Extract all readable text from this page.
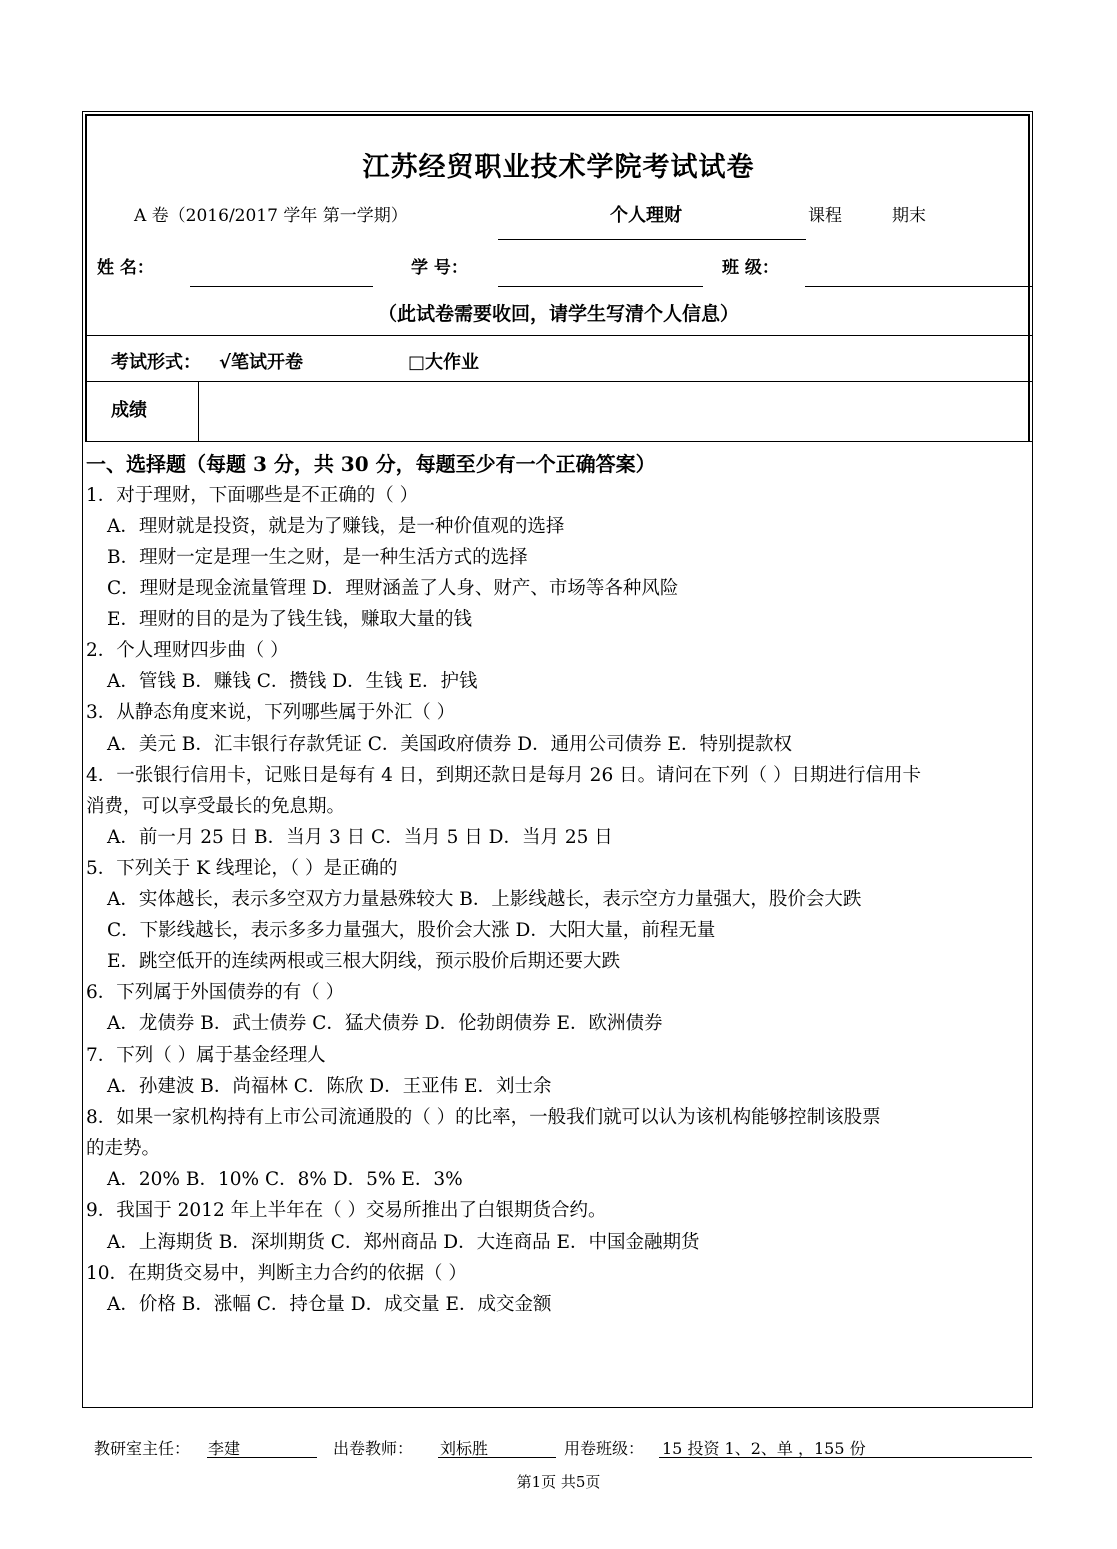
江苏经贸职业技术学院考试试卷
A 卷（2016/2017 学年 第一学期）	个人理财	课程	期末
姓 名：	学 号：	班 级：
（此试卷需要收回，请学生写清个人信息）
考试形式： √笔试开卷	□大作业
成绩
一、选择题（每题 3 分，共 30 分，每题至少有一个正确答案）
1．对于理财，下面哪些是不正确的（ ）
A．理财就是投资，就是为了赚钱，是一种价值观的选择
B．理财一定是理一生之财，是一种生活方式的选择
C．理财是现金流量管理 D．理财涵盖了人身、财产、市场等各种风险
E．理财的目的是为了钱生钱，赚取大量的钱
2．个人理财四步曲（ ）
A．管钱 B．赚钱 C．攒钱 D．生钱 E．护钱
3．从静态角度来说，下列哪些属于外汇（ ）
A．美元 B．汇丰银行存款凭证 C．美国政府债券 D．通用公司债券 E．特别提款权
4．一张银行信用卡，记账日是每有 4 日，到期还款日是每月 26 日。请问在下列（ ）日期进行信用卡
消费，可以享受最长的免息期。
A．前一月 25 日 B．当月 3 日 C．当月 5 日 D．当月 25 日
5．下列关于 K 线理论，（ ）是正确的
A．实体越长，表示多空双方力量悬殊较大 B．上影线越长，表示空方力量强大，股价会大跌
C．下影线越长，表示多多力量强大，股价会大涨 D．大阳大量，前程无量
E．跳空低开的连续两根或三根大阴线，预示股价后期还要大跌
6．下列属于外国债券的有（ ）
A．龙债券 B．武士债券 C．猛犬债券 D．伦勃朗债券 E．欧洲债券
7．下列（ ）属于基金经理人
A．孙建波 B．尚福林 C．陈欣 D．王亚伟 E．刘士余
8．如果一家机构持有上市公司流通股的（ ）的比率，一般我们就可以认为该机构能够控制该股票
的走势。
A．20% B．10% C．8% D．5% E．3%
9．我国于 2012 年上半年在（ ）交易所推出了白银期货合约。
A．上海期货 B．深圳期货 C．郑州商品 D．大连商品 E．中国金融期货
10．在期货交易中，判断主力合约的依据（ ）
A．价格 B．涨幅 C．持仓量 D．成交量 E．成交金额
教研室主任： 李建	出卷教师： 刘标胜	用卷班级： 15 投资 1、2、单 ，155 份
第1页 共5页
